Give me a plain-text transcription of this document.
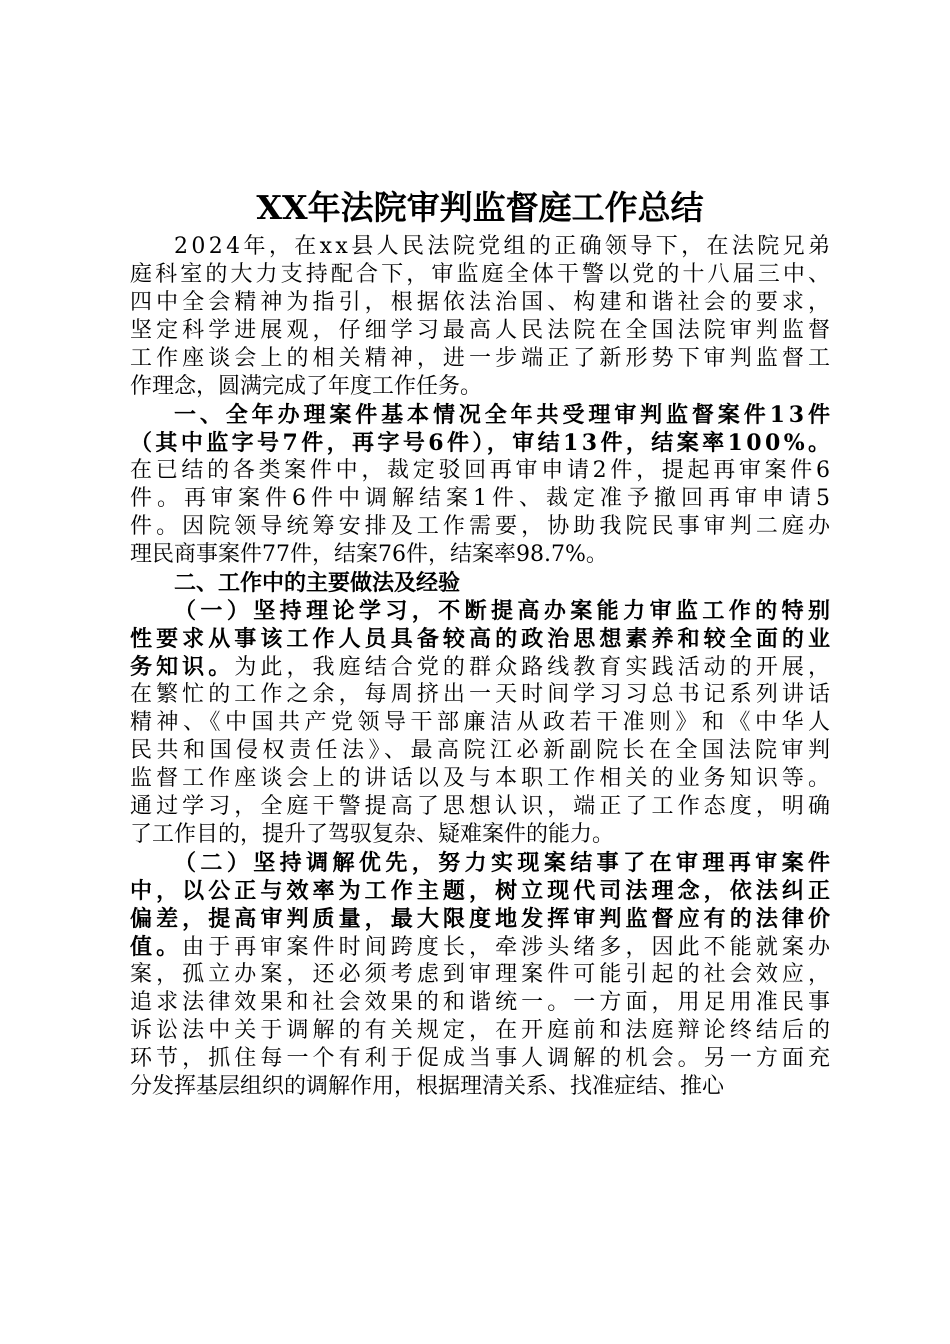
XX年法院审判监督庭工作总结
2024年，在xx县人民法院党组的正确领导下，在法院兄弟
庭科室的大力支持配合下，审监庭全体干警以党的十八届三中、
四中全会精神为指引，根据依法治国、构建和谐社会的要求，
坚定科学进展观，仔细学习最高人民法院在全国法院审判监督
工作座谈会上的相关精神，进一步端正了新形势下审判监督工
作理念，圆满完成了年度工作任务。
一、全年办理案件基本情况全年共受理审判监督案件13件
（其中监字号7件，再字号6件），审结13件，结案率100%。
在已结的各类案件中，裁定驳回再审申请2件，提起再审案件6
件。再审案件6件中调解结案1件、裁定准予撤回再审申请5
件。因院领导统筹安排及工作需要，协助我院民事审判二庭办
理民商事案件77件，结案76件，结案率98.7%。
二、工作中的主要做法及经验
（一）坚持理论学习，不断提高办案能力审监工作的特别
性要求从事该工作人员具备较高的政治思想素养和较全面的业
务知识。为此，我庭结合党的群众路线教育实践活动的开展，
在繁忙的工作之余，每周挤出一天时间学习习总书记系列讲话
精神、《中国共产党领导干部廉洁从政若干准则》和《中华人
民共和国侵权责任法》、最高院江必新副院长在全国法院审判
监督工作座谈会上的讲话以及与本职工作相关的业务知识等。
通过学习，全庭干警提高了思想认识，端正了工作态度，明确
了工作目的，提升了驾驭复杂、疑难案件的能力。
（二）坚持调解优先，努力实现案结事了在审理再审案件
中，以公正与效率为工作主题，树立现代司法理念，依法纠正
偏差，提高审判质量，最大限度地发挥审判监督应有的法律价
值。由于再审案件时间跨度长，牵涉头绪多，因此不能就案办
案，孤立办案，还必须考虑到审理案件可能引起的社会效应，
追求法律效果和社会效果的和谐统一。一方面，用足用准民事
诉讼法中关于调解的有关规定，在开庭前和法庭辩论终结后的
环节，抓住每一个有利于促成当事人调解的机会。另一方面充
分发挥基层组织的调解作用，根据理清关系、找准症结、推心
